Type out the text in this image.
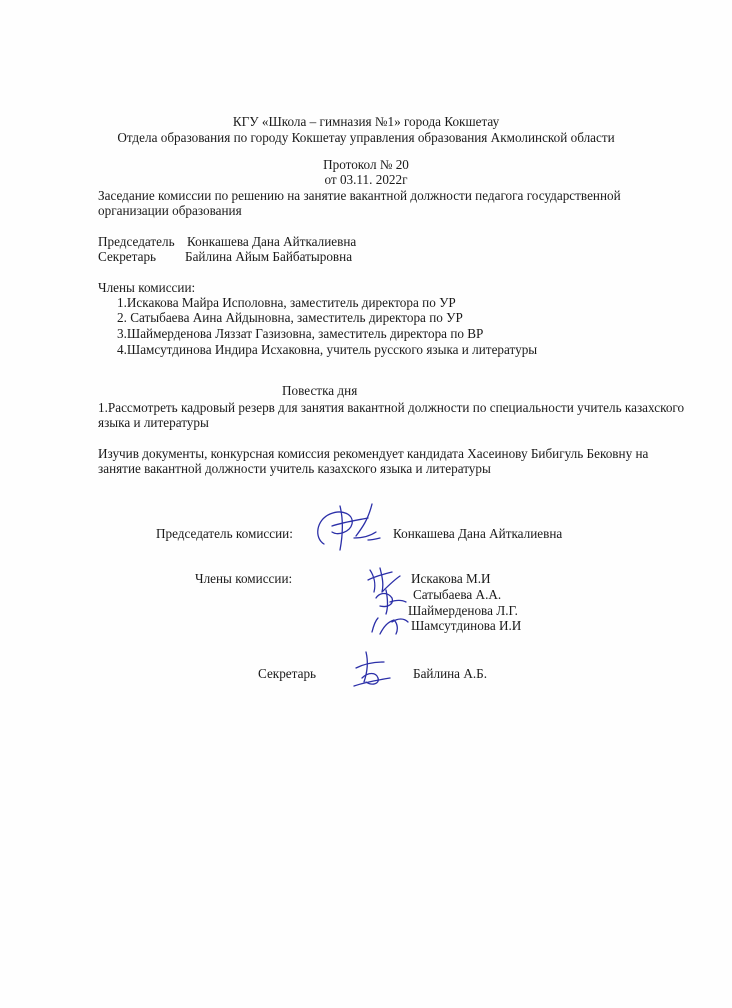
КГУ «Школа – гимназия №1» города Кокшетау

Отдела образования по городу Кокшетау управления образования Акмолинской области

Протокол № 20

от 03.11. 2022г

Заседание комиссии по решению на занятие вакантной должности педагога государственной

организации образования

Председатель Конкашева Дана Айткалиевна

Секретарь Байлина Айым Байбатыровна

Члены комиссии:

1.Искакова Майра Исполовна, заместитель директора по УР

2. Сатыбаева Аина Айдыновна, заместитель директора по УР

3.Шаймерденова Ляззат Газизовна, заместитель директора по ВР

4.Шамсутдинова Индира Исхаковна, учитель русского языка и литературы

Повестка дня

1.Рассмотреть кадровый резерв для занятия вакантной должности по специальности учитель казахского

языка и литературы

Изучив документы, конкурсная комиссия рекомендует кандидата Хасеинову Бибигуль Бековну на

занятие вакантной должности учитель казахского языка и литературы

Председатель комиссии:	Конкашева Дана Айткалиевна

Члены комиссии:	Искакова М.И

Сатыбаева А.А.

Шаймерденова Л.Г.

Шамсутдинова И.И

Секретарь	Байлина А.Б.
